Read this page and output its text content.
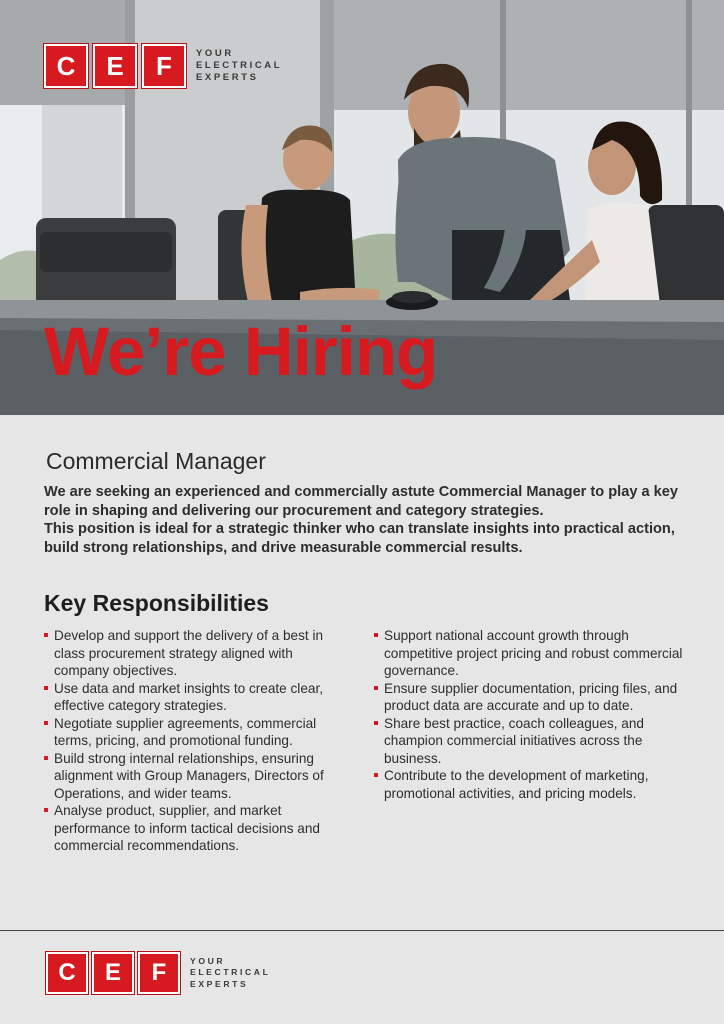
C	E	F	YOUR
ELECTRICAL
EXPERTS
We’re Hiring
Commercial Manager

We are seeking an experienced and commercially astute Commercial Manager to play a key role in shaping and delivering our procurement and category strategies.

This position is ideal for a strategic thinker who can translate insights into practical action, build strong relationships, and drive measurable commercial results.

Key Responsibilities
Develop and support the delivery of a best in class procurement strategy aligned with company objectives.
Use data and market insights to create clear, effective category strategies.
Negotiate supplier agreements, commercial terms, pricing, and promotional funding.
Build strong internal relationships, ensuring alignment with Group Managers, Directors of Operations, and wider teams.
Analyse product, supplier, and market performance to inform tactical decisions and commercial recommendations.
Support national account growth through competitive project pricing and robust commercial governance.
Ensure supplier documentation, pricing files, and product data are accurate and up to date.
Share best practice, coach colleagues, and champion commercial initiatives across the business.
Contribute to the development of marketing, promotional activities, and pricing models.
C	E	F	YOUR
ELECTRICAL
EXPERTS
